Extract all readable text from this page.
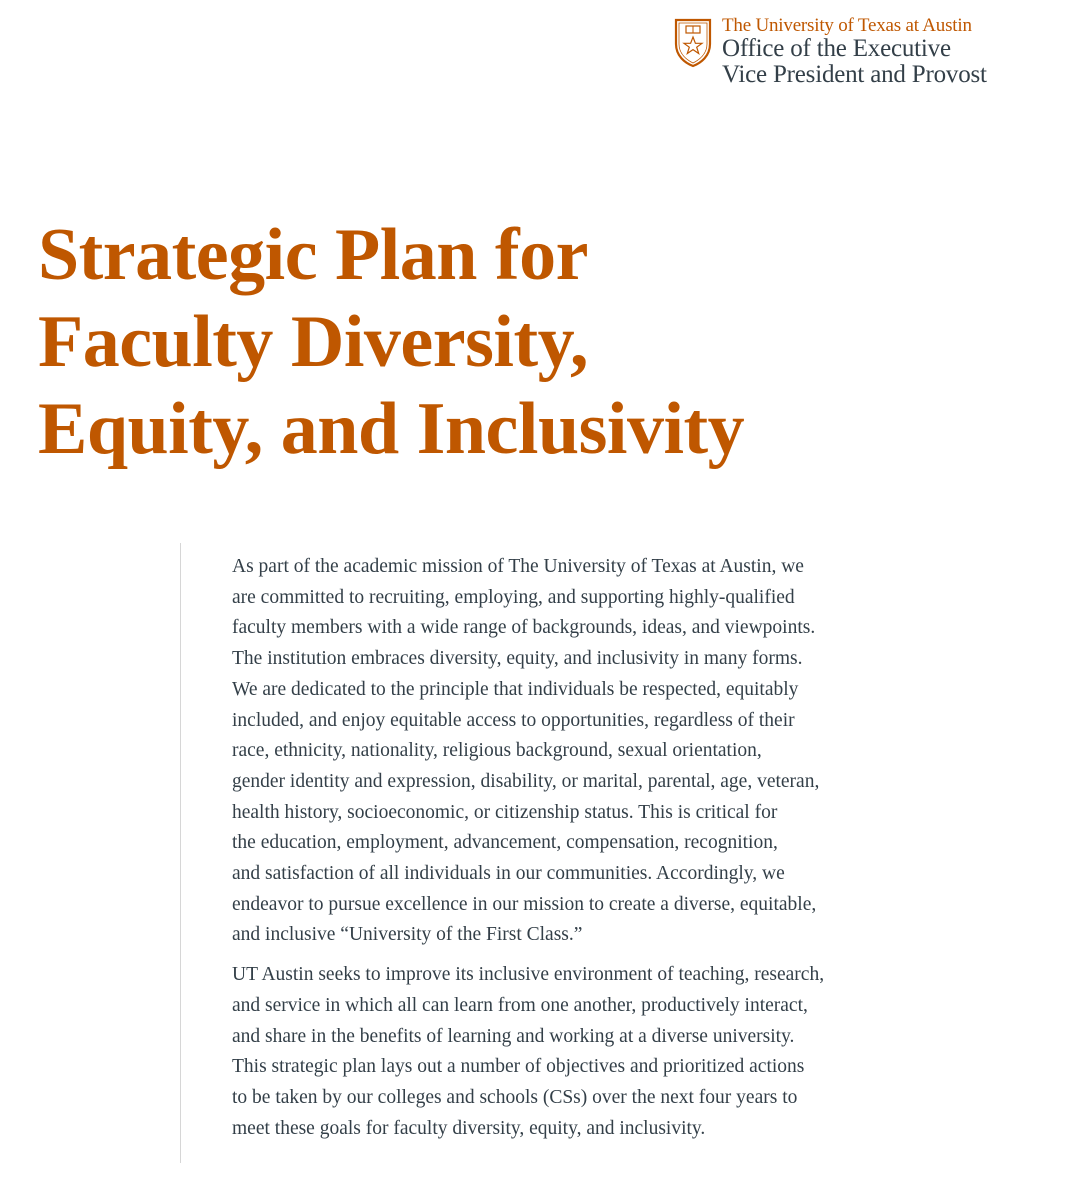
The University of Texas at Austin
Office of the Executive
Vice President and Provost
Strategic Plan for
Faculty Diversity,
Equity, and Inclusivity

As part of the academic mission of The University of Texas at Austin, we
are committed to recruiting, employing, and supporting highly-qualified
faculty members with a wide range of backgrounds, ideas, and viewpoints.
The institution embraces diversity, equity, and inclusivity in many forms.
We are dedicated to the principle that individuals be respected, equitably
included, and enjoy equitable access to opportunities, regardless of their
race, ethnicity, nationality, religious background, sexual orientation,
gender identity and expression, disability, or marital, parental, age, veteran,
health history, socioeconomic, or citizenship status. This is critical for
the education, employment, advancement, compensation, recognition,
and satisfaction of all individuals in our communities. Accordingly, we
endeavor to pursue excellence in our mission to create a diverse, equitable,
and inclusive “University of the First Class.”

UT Austin seeks to improve its inclusive environment of teaching, research,
and service in which all can learn from one another, productively interact,
and share in the benefits of learning and working at a diverse university.
This strategic plan lays out a number of objectives and prioritized actions
to be taken by our colleges and schools (CSs) over the next four years to
meet these goals for faculty diversity, equity, and inclusivity.
